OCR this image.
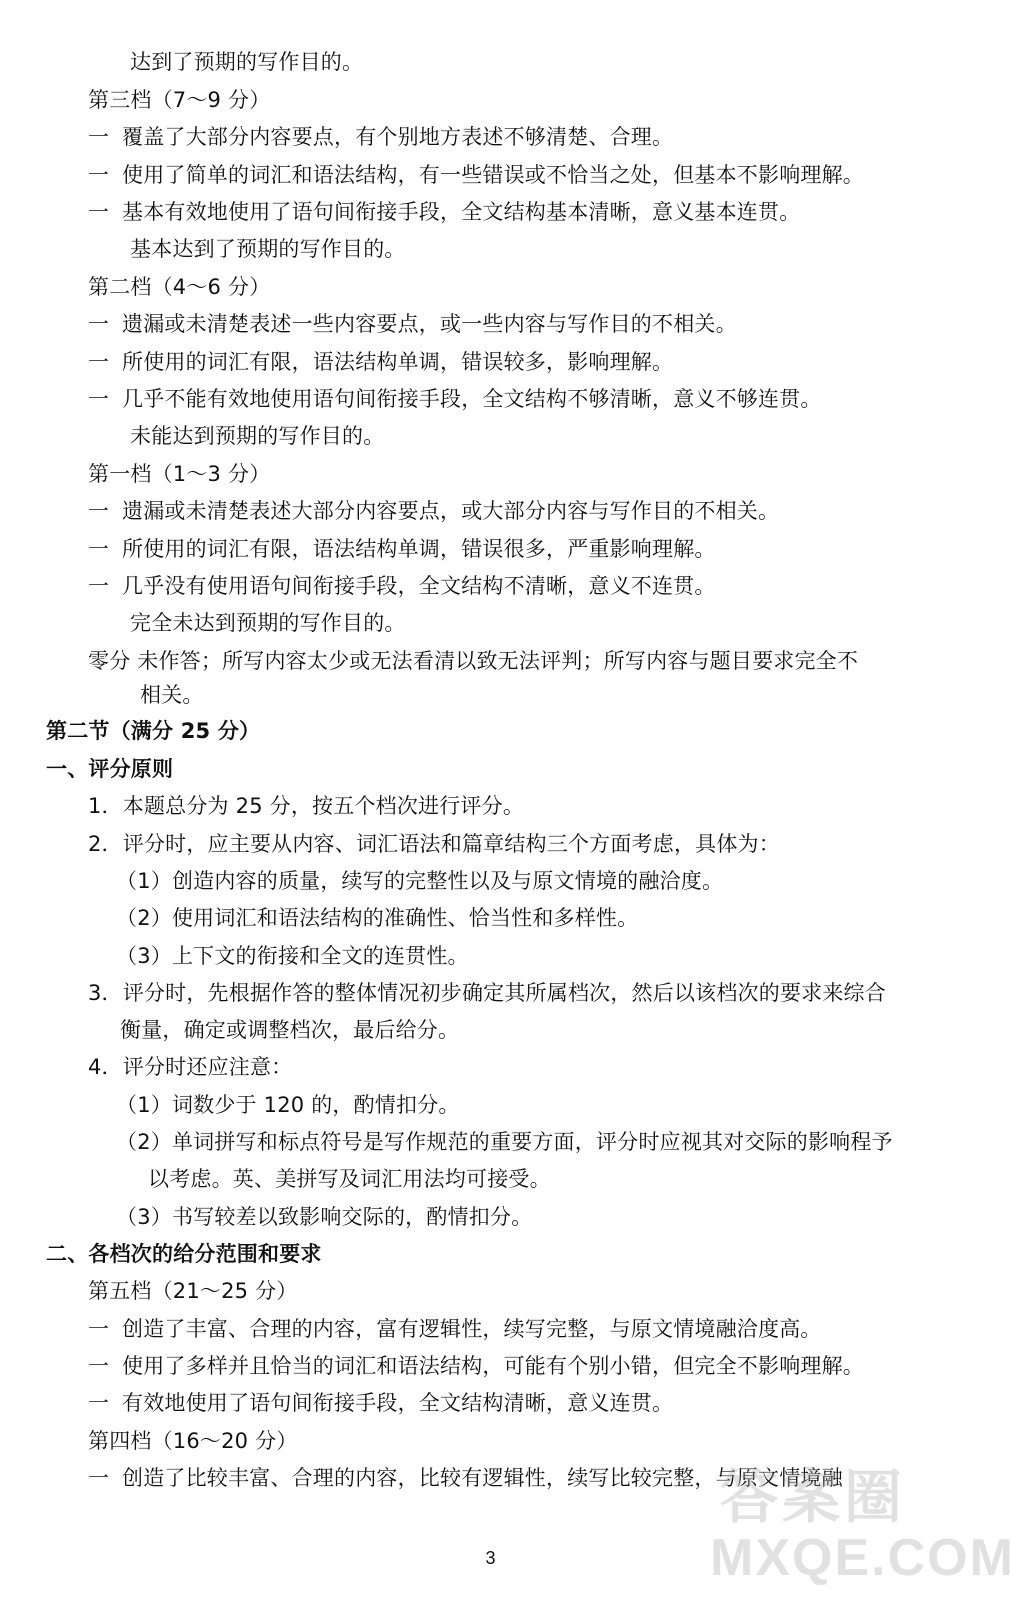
达到了预期的写作目的。
第三档（7～9 分）
一 覆盖了大部分内容要点，有个别地方表述不够清楚、合理。
一 使用了简单的词汇和语法结构，有一些错误或不恰当之处，但基本不影响理解。
一 基本有效地使用了语句间衔接手段，全文结构基本清晰，意义基本连贯。
基本达到了预期的写作目的。
第二档（4～6 分）
一 遗漏或未清楚表述一些内容要点，或一些内容与写作目的不相关。
一 所使用的词汇有限，语法结构单调，错误较多，影响理解。
一 几乎不能有效地使用语句间衔接手段，全文结构不够清晰，意义不够连贯。
未能达到预期的写作目的。
第一档（1～3 分）
一 遗漏或未清楚表述大部分内容要点，或大部分内容与写作目的不相关。
一 所使用的词汇有限，语法结构单调，错误很多，严重影响理解。
一 几乎没有使用语句间衔接手段，全文结构不清晰，意义不连贯。
完全未达到预期的写作目的。
零分 未作答；所写内容太少或无法看清以致无法评判；所写内容与题目要求完全不
相关。
第二节（满分 25 分）
一、评分原则
1．本题总分为 25 分，按五个档次进行评分。
2．评分时，应主要从内容、词汇语法和篇章结构三个方面考虑，具体为：
（1）创造内容的质量，续写的完整性以及与原文情境的融洽度。
（2）使用词汇和语法结构的准确性、恰当性和多样性。
（3）上下文的衔接和全文的连贯性。
3．评分时，先根据作答的整体情况初步确定其所属档次，然后以该档次的要求来综合
衡量，确定或调整档次，最后给分。
4．评分时还应注意：
（1）词数少于 120 的，酌情扣分。
（2）单词拼写和标点符号是写作规范的重要方面，评分时应视其对交际的影响程予
以考虑。英、美拼写及词汇用法均可接受。
（3）书写较差以致影响交际的，酌情扣分。
二、各档次的给分范围和要求
第五档（21～25 分）
一 创造了丰富、合理的内容，富有逻辑性，续写完整，与原文情境融洽度高。
一 使用了多样并且恰当的词汇和语法结构，可能有个别小错，但完全不影响理解。
一 有效地使用了语句间衔接手段，全文结构清晰，意义连贯。
第四档（16～20 分）
一 创造了比较丰富、合理的内容，比较有逻辑性，续写比较完整，与原文情境融
3
答案圈
MXQE.COM
